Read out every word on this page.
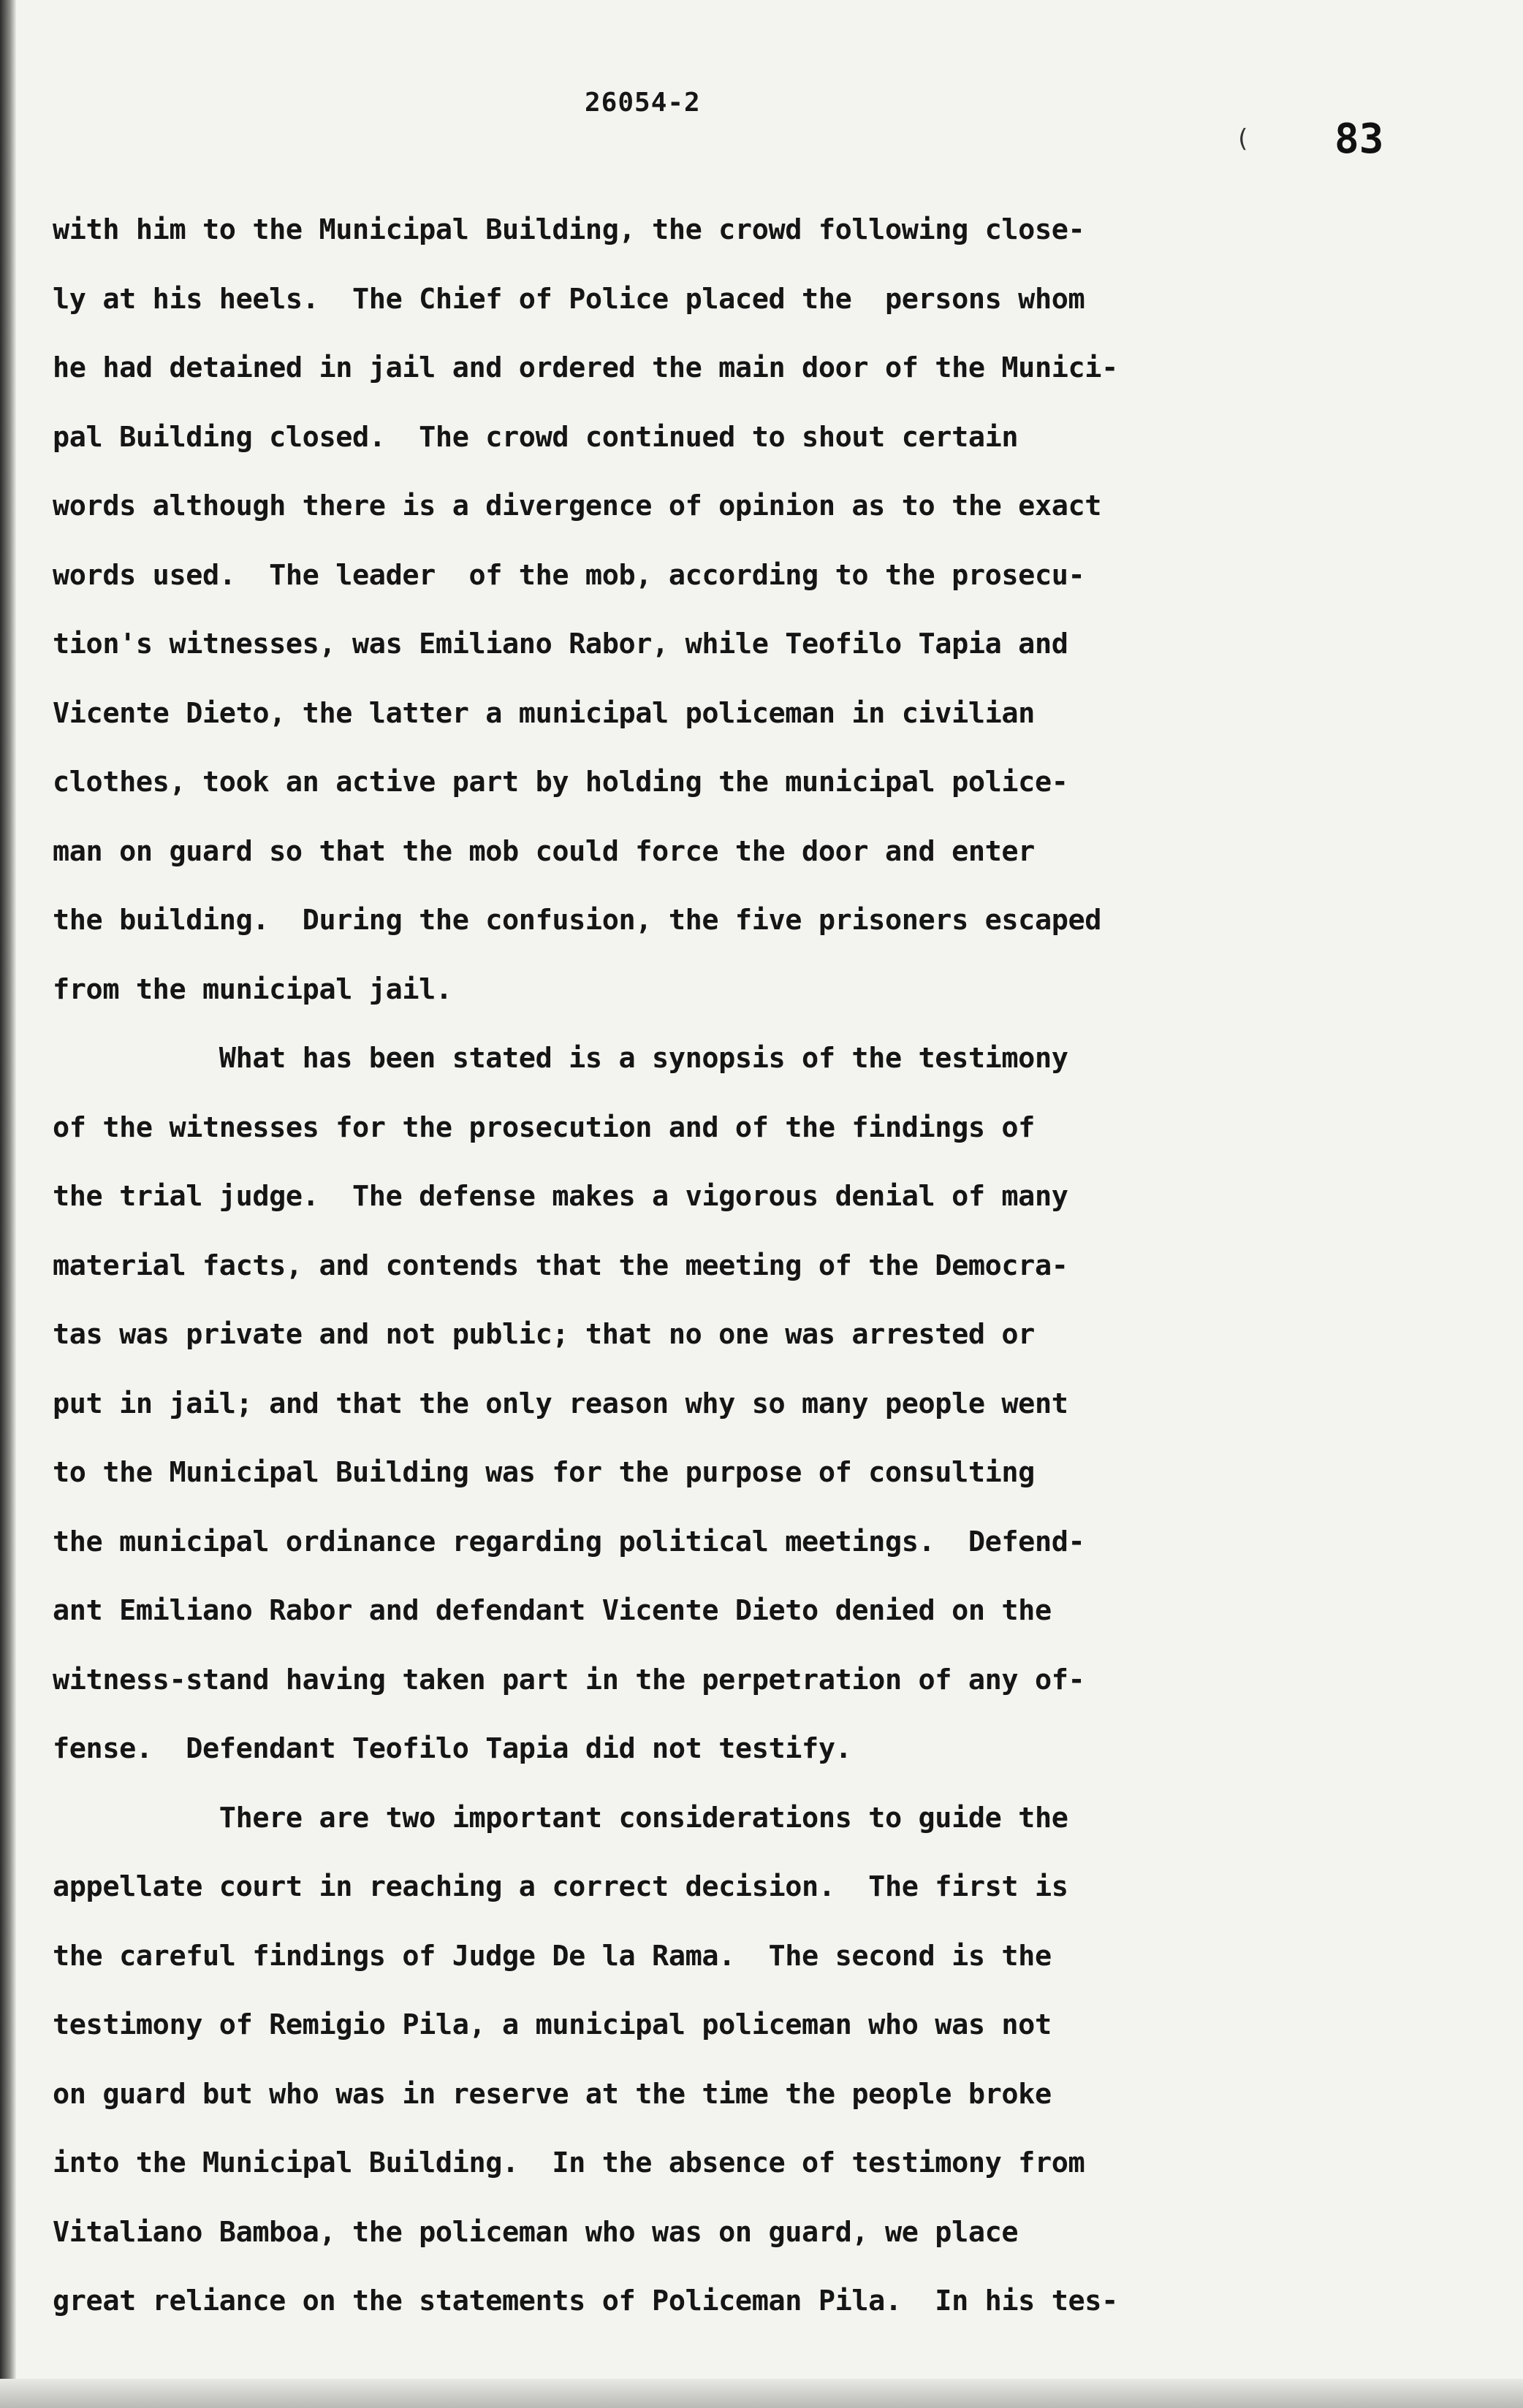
26054-2
( 83
with him to the Municipal Building, the crowd following close-
ly at his heels.  The Chief of Police placed the  persons whom
he had detained in jail and ordered the main door of the Munici-
pal Building closed.  The crowd continued to shout certain
words although there is a divergence of opinion as to the exact
words used.  The leader  of the mob, according to the prosecu-
tion's witnesses, was Emiliano Rabor, while Teofilo Tapia and
Vicente Dieto, the latter a municipal policeman in civilian
clothes, took an active part by holding the municipal police-
man on guard so that the mob could force the door and enter
the building.  During the confusion, the five prisoners escaped
from the municipal jail.
What has been stated is a synopsis of the testimony
of the witnesses for the prosecution and of the findings of
the trial judge.  The defense makes a vigorous denial of many
material facts, and contends that the meeting of the Democra-
tas was private and not public; that no one was arrested or
put in jail; and that the only reason why so many people went
to the Municipal Building was for the purpose of consulting
the municipal ordinance regarding political meetings.  Defend-
ant Emiliano Rabor and defendant Vicente Dieto denied on the
witness-stand having taken part in the perpetration of any of-
fense.  Defendant Teofilo Tapia did not testify.
There are two important considerations to guide the
appellate court in reaching a correct decision.  The first is
the careful findings of Judge De la Rama.  The second is the
testimony of Remigio Pila, a municipal policeman who was not
on guard but who was in reserve at the time the people broke
into the Municipal Building.  In the absence of testimony from
Vitaliano Bamboa, the policeman who was on guard, we place
great reliance on the statements of Policeman Pila.  In his tes-
